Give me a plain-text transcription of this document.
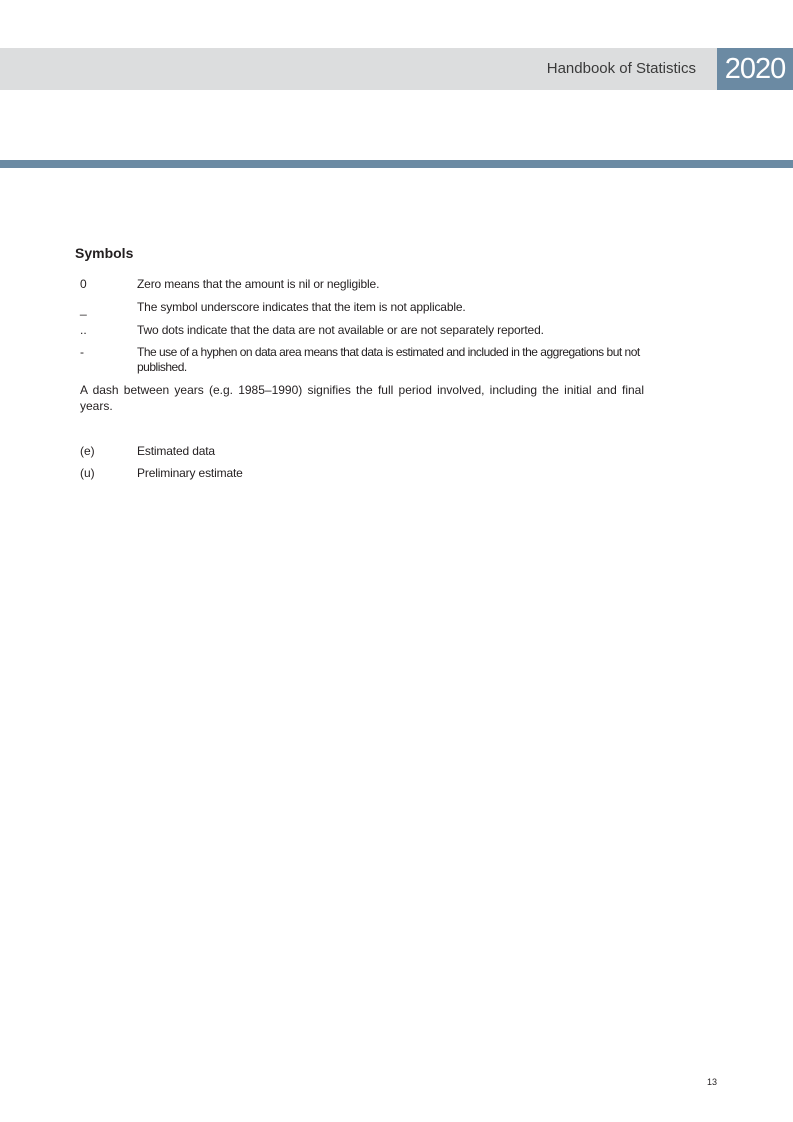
Handbook of Statistics 2020
Symbols
0	Zero means that the amount is nil or negligible.
_	The symbol underscore indicates that the item is not applicable.
..	Two dots indicate that the data are not available or are not separately reported.
-	The use of a hyphen on data area means that data is estimated and included in the aggregations but not published.

A dash between years (e.g. 1985–1990) signifies the full period involved, including the initial and final years.

(e)	Estimated data
(u)	Preliminary estimate
13
